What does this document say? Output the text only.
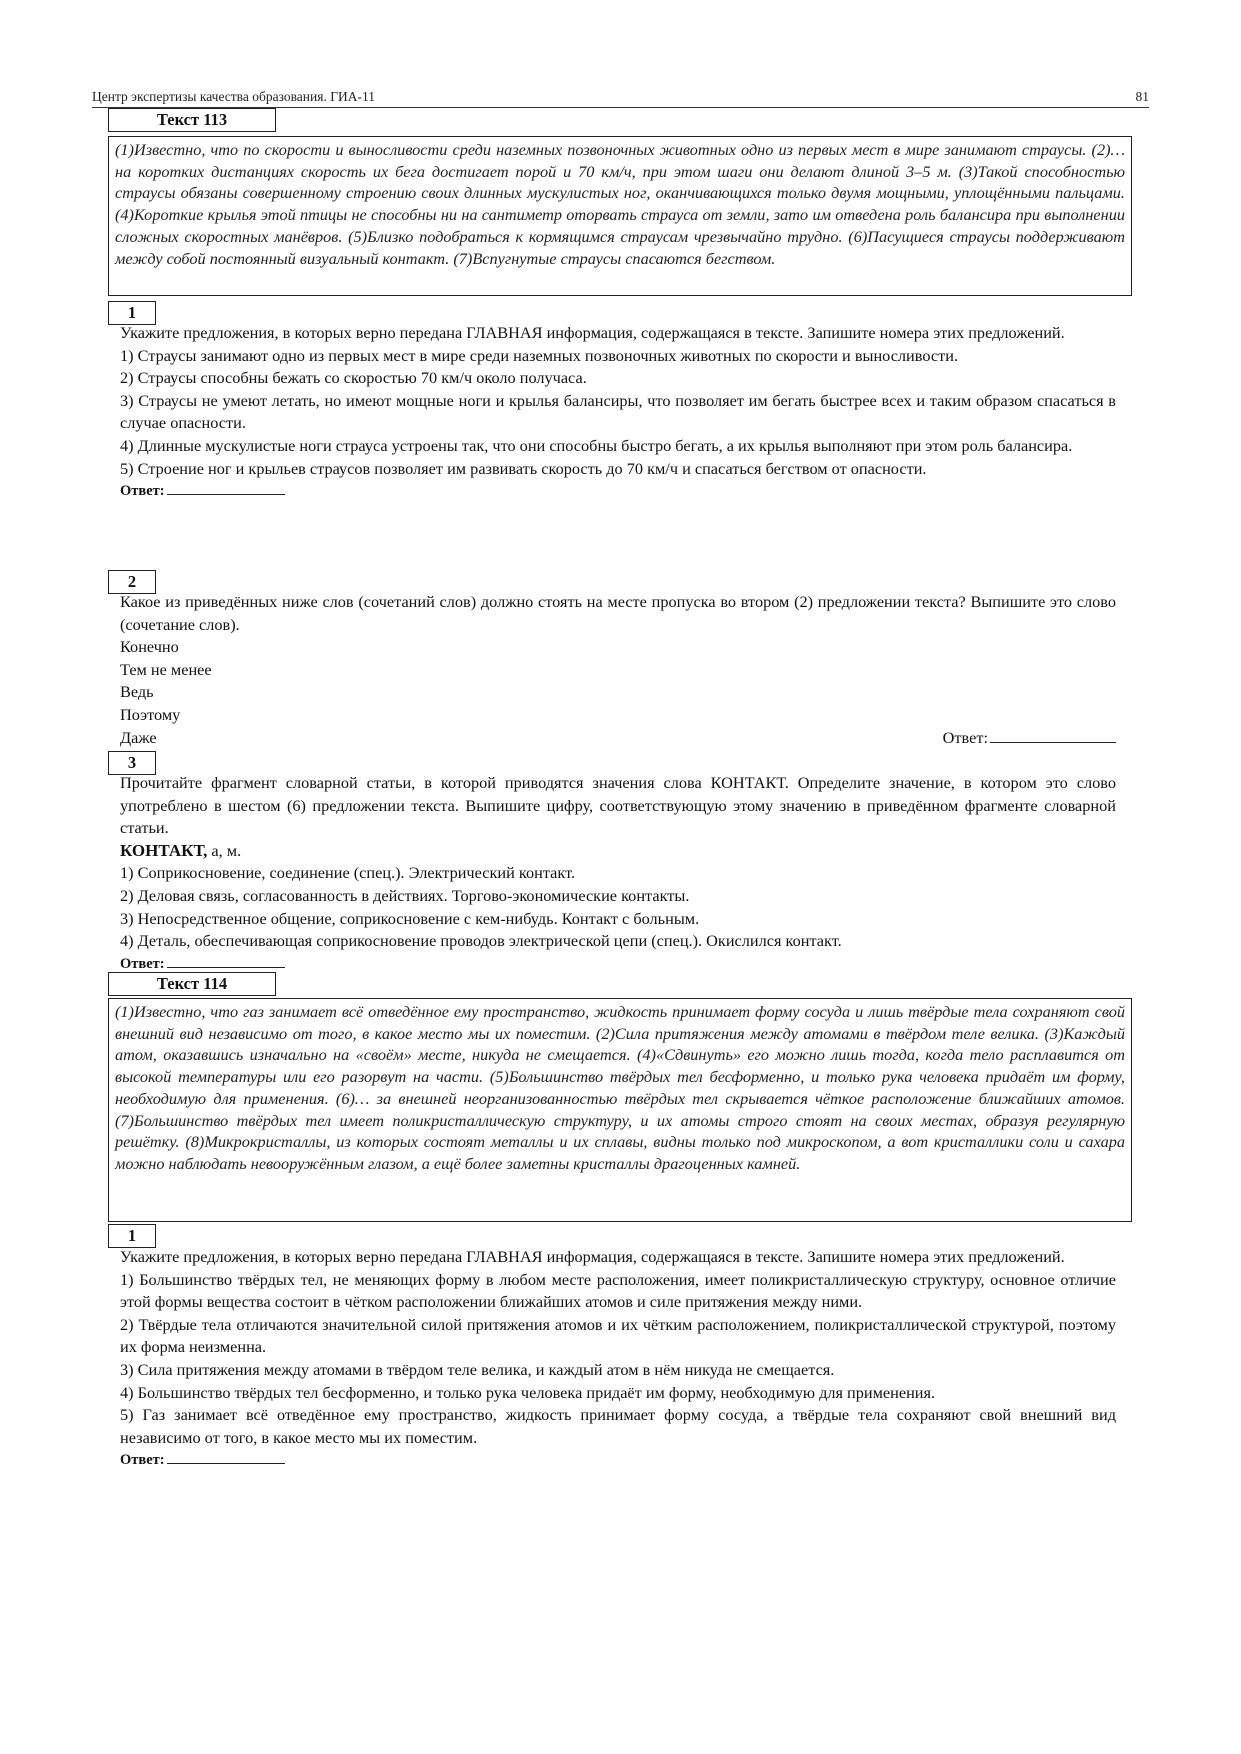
Центр экспертизы качества образования. ГИА-11	81
Текст 113
(1)Известно, что по скорости и выносливости среди наземных позвоночных животных одно из первых мест в мире занимают страусы. (2)… на коротких дистанциях скорость их бега достигает порой и 70 км/ч, при этом шаги они делают длиной 3–5 м. (3)Такой способностью страусы обязаны совершенному строению своих длинных мускулистых ног, оканчивающихся только двумя мощными, уплощёнными пальцами. (4)Короткие крылья этой птицы не способны ни на сантиметр оторвать страуса от земли, зато им отведена роль балансира при выполнении сложных скоростных манёвров. (5)Близко подобраться к кормящимся страусам чрезвычайно трудно. (6)Пасущиеся страусы поддерживают между собой постоянный визуальный контакт. (7)Вспугнутые страусы спасаются бегством.
1

Укажите предложения, в которых верно передана ГЛАВНАЯ информация, содержащаяся в тексте. Запишите номера этих предложений.

1) Страусы занимают одно из первых мест в мире среди наземных позвоночных животных по скорости и выносливости.

2) Страусы способны бежать со скоростью 70 км/ч около получаса.

3) Страусы не умеют летать, но имеют мощные ноги и крылья балансиры, что позволяет им бегать быстрее всех и таким образом спасаться в случае опасности.

4) Длинные мускулистые ноги страуса устроены так, что они способны быстро бегать, а их крылья выполняют при этом роль балансира.

5) Строение ног и крыльев страусов позволяет им развивать скорость до 70 км/ч и спасаться бегством от опасности.

Ответ:
2

Какое из приведённых ниже слов (сочетаний слов) должно стоять на месте пропуска во втором (2) предложении текста? Выпишите это слово (сочетание слов).

Конечно

Тем не менее

Ведь

Поэтому

Даже	Ответ:
3

Прочитайте фрагмент словарной статьи, в которой приводятся значения слова КОНТАКТ. Определите значение, в котором это слово употреблено в шестом (6) предложении текста. Выпишите цифру, соответствующую этому значению в приведённом фрагменте словарной статьи.

КОНТАКТ, а, м.

1) Соприкосновение, соединение (спец.). Электрический контакт.

2) Деловая связь, согласованность в действиях. Торгово-экономические контакты.

3) Непосредственное общение, соприкосновение с кем-нибудь. Контакт с больным.

4) Деталь, обеспечивающая соприкосновение проводов электрической цепи (спец.). Окислился контакт.

Ответ:
Текст 114
(1)Известно, что газ занимает всё отведённое ему пространство, жидкость принимает форму сосуда и лишь твёрдые тела сохраняют свой внешний вид независимо от того, в какое место мы их поместим. (2)Сила притяжения между атомами в твёрдом теле велика. (3)Каждый атом, оказавшись изначально на «своём» месте, никуда не смещается. (4)«Сдвинуть» его можно лишь тогда, когда тело расплавится от высокой температуры или его разорвут на части. (5)Большинство твёрдых тел бесформенно, и только рука человека придаёт им форму, необходимую для применения. (6)… за внешней неорганизованностью твёрдых тел скрывается чёткое расположение ближайших атомов. (7)Большинство твёрдых тел имеет поликристаллическую структуру, и их атомы строго стоят на своих местах, образуя регулярную решётку. (8)Микрокристаллы, из которых состоят металлы и их сплавы, видны только под микроскопом, а вот кристаллики соли и сахара можно наблюдать невооружённым глазом, а ещё более заметны кристаллы драгоценных камней.
1

Укажите предложения, в которых верно передана ГЛАВНАЯ информация, содержащаяся в тексте. Запишите номера этих предложений.

1) Большинство твёрдых тел, не меняющих форму в любом месте расположения, имеет поликристаллическую структуру, основное отличие этой формы вещества состоит в чётком расположении ближайших атомов и силе притяжения между ними.

2) Твёрдые тела отличаются значительной силой притяжения атомов и их чётким расположением, поликристаллической структурой, поэтому их форма неизменна.

3) Сила притяжения между атомами в твёрдом теле велика, и каждый атом в нём никуда не смещается.

4) Большинство твёрдых тел бесформенно, и только рука человека придаёт им форму, необходимую для применения.

5) Газ занимает всё отведённое ему пространство, жидкость принимает форму сосуда, а твёрдые тела сохраняют свой внешний вид независимо от того, в какое место мы их поместим.

Ответ:
